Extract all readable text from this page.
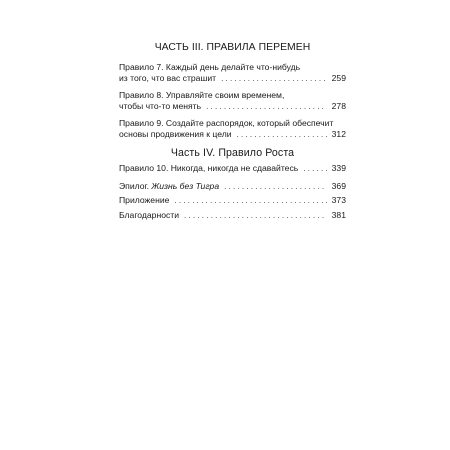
ЧАСТЬ III. ПРАВИЛА ПЕРЕМЕН
Правило 7. Каждый день делайте что-нибудь
из того, что вас страшит . . .	259
Правило 8. Управляйте своим временем,
чтобы что-то менять . . .	278
Правило 9. Создайте распорядок, который обеспечит
основы продвижения к цели . . .	312
Часть IV. Правило Роста
Правило 10. Никогда, никогда не сдавайтесь . . .	339
Эпилог. Жизнь без Тигра . . .	369
Приложение . . .	373
Благодарности . . .	381
